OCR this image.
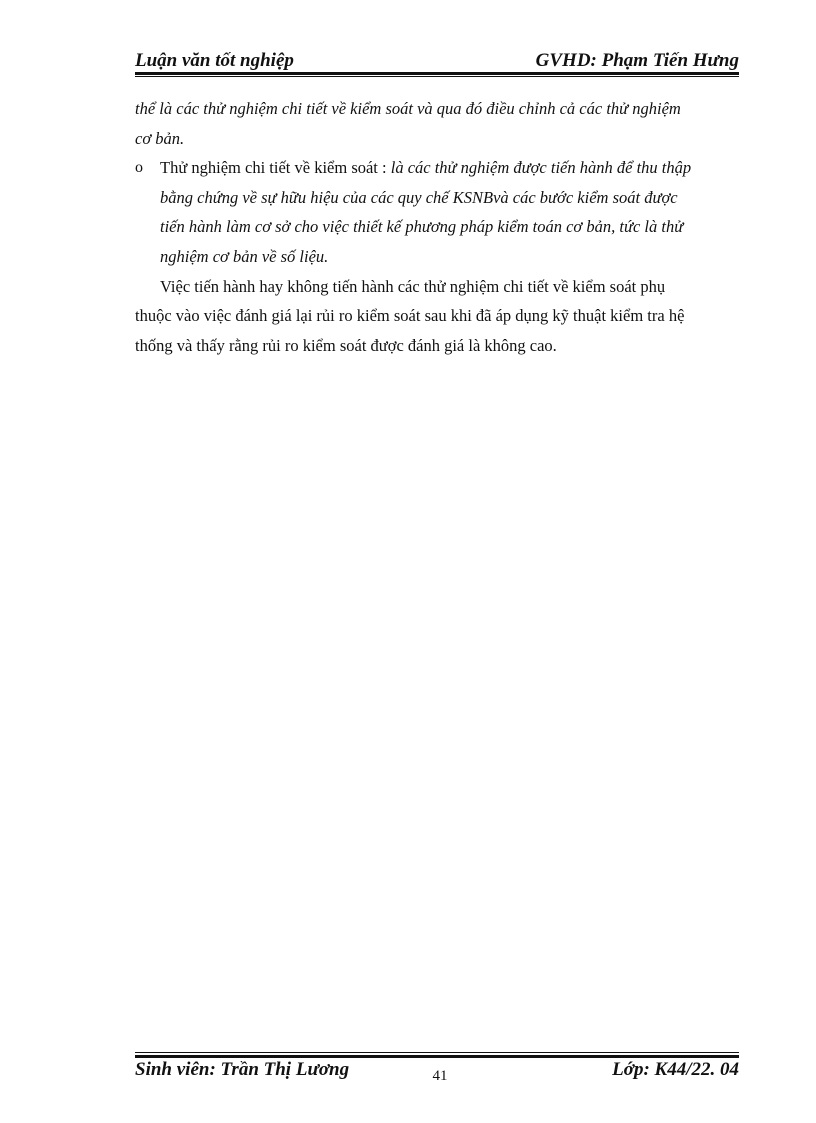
Luận văn tốt nghiệp	GVHD: Phạm Tiến Hưng
thể là các thử nghiệm chi tiết về kiểm soát và qua đó điều chỉnh cả các thử nghiệm
cơ bản.
o Thử nghiệm chi tiết về kiểm soát : là các thử nghiệm được tiến hành để thu thập
bằng chứng về sự hữu hiệu của các quy chế KSNBvà các bước kiểm soát được
tiến hành làm cơ sở cho việc thiết kế phương pháp kiểm toán cơ bản, tức là thử
nghiệm cơ bản về số liệu.
Việc tiến hành hay không tiến hành các thử nghiệm chi tiết về kiểm soát phụ
thuộc vào việc đánh giá lại rủi ro kiểm soát sau khi đã áp dụng kỹ thuật kiểm tra hệ
thống và thấy rằng rủi ro kiểm soát được đánh giá là không cao.
Sinh viên: Trần Thị Lương	Lớp: K44/22. 04
41
